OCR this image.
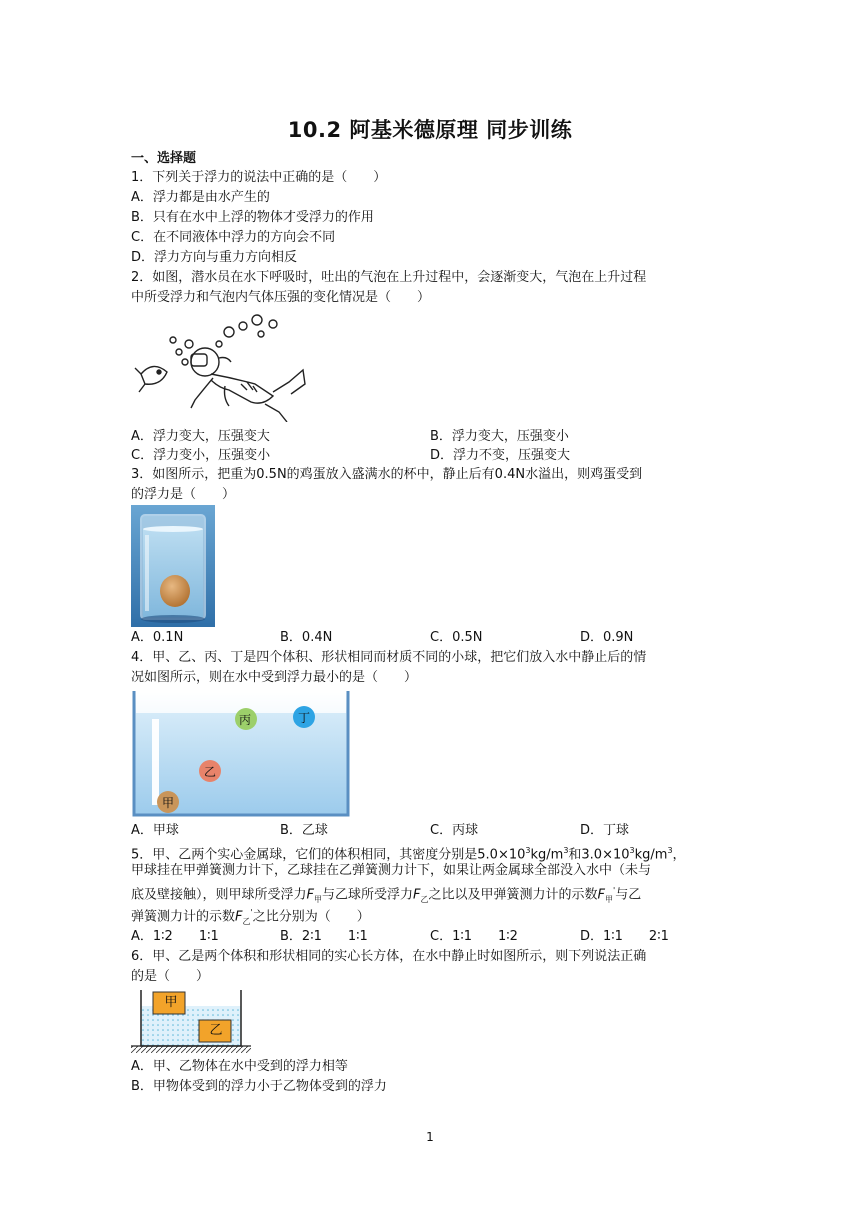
10.2 阿基米德原理 同步训练
一、选择题
1．下列关于浮力的说法中正确的是（　　）
A．浮力都是由水产生的
B．只有在水中上浮的物体才受浮力的作用
C．在不同液体中浮力的方向会不同
D．浮力方向与重力方向相反
2．如图，潜水员在水下呼吸时，吐出的气泡在上升过程中，会逐渐变大，气泡在上升过程
中所受浮力和气泡内气体压强的变化情况是（　　）
A．浮力变大，压强变大	B．浮力变大，压强变小
C．浮力变小，压强变小	D．浮力不变，压强变大
3．如图所示，把重为0.5N的鸡蛋放入盛满水的杯中，静止后有0.4N水溢出，则鸡蛋受到
的浮力是（　　）
A．0.1N	B．0.4N	C．0.5N	D．0.9N
4．甲、乙、丙、丁是四个体积、形状相同而材质不同的小球，把它们放入水中静止后的情
况如图所示，则在水中受到浮力最小的是（　　）
丙	丁
乙
甲
A．甲球	B．乙球	C．丙球	D．丁球
5．甲、乙两个实心金属球，它们的体积相同，其密度分别是$5.0\times 10^3kg/m^3$和$3.0\times 10^3kg/m^3$，
甲球挂在甲弹簧测力计下，乙球挂在乙弹簧测力计下，如果让两金属球全部没入水中（未与
底及壁接触），则甲球所受浮力$F_甲$与乙球所受浮力$F_乙$之比以及甲弹簧测力计的示数$F_甲'$与乙
弹簧测力计的示数$F_乙'$之比分别为（　　）
A．1∶2　　1∶1	B．2∶1　　1∶1	C．1∶1　　1∶2	D．1∶1　　2∶1
6．甲、乙是两个体积和形状相同的实心长方体，在水中静止时如图所示，则下列说法正确
的是（　　）
甲
乙
A．甲、乙物体在水中受到的浮力相等
B．甲物体受到的浮力小于乙物体受到的浮力
1
